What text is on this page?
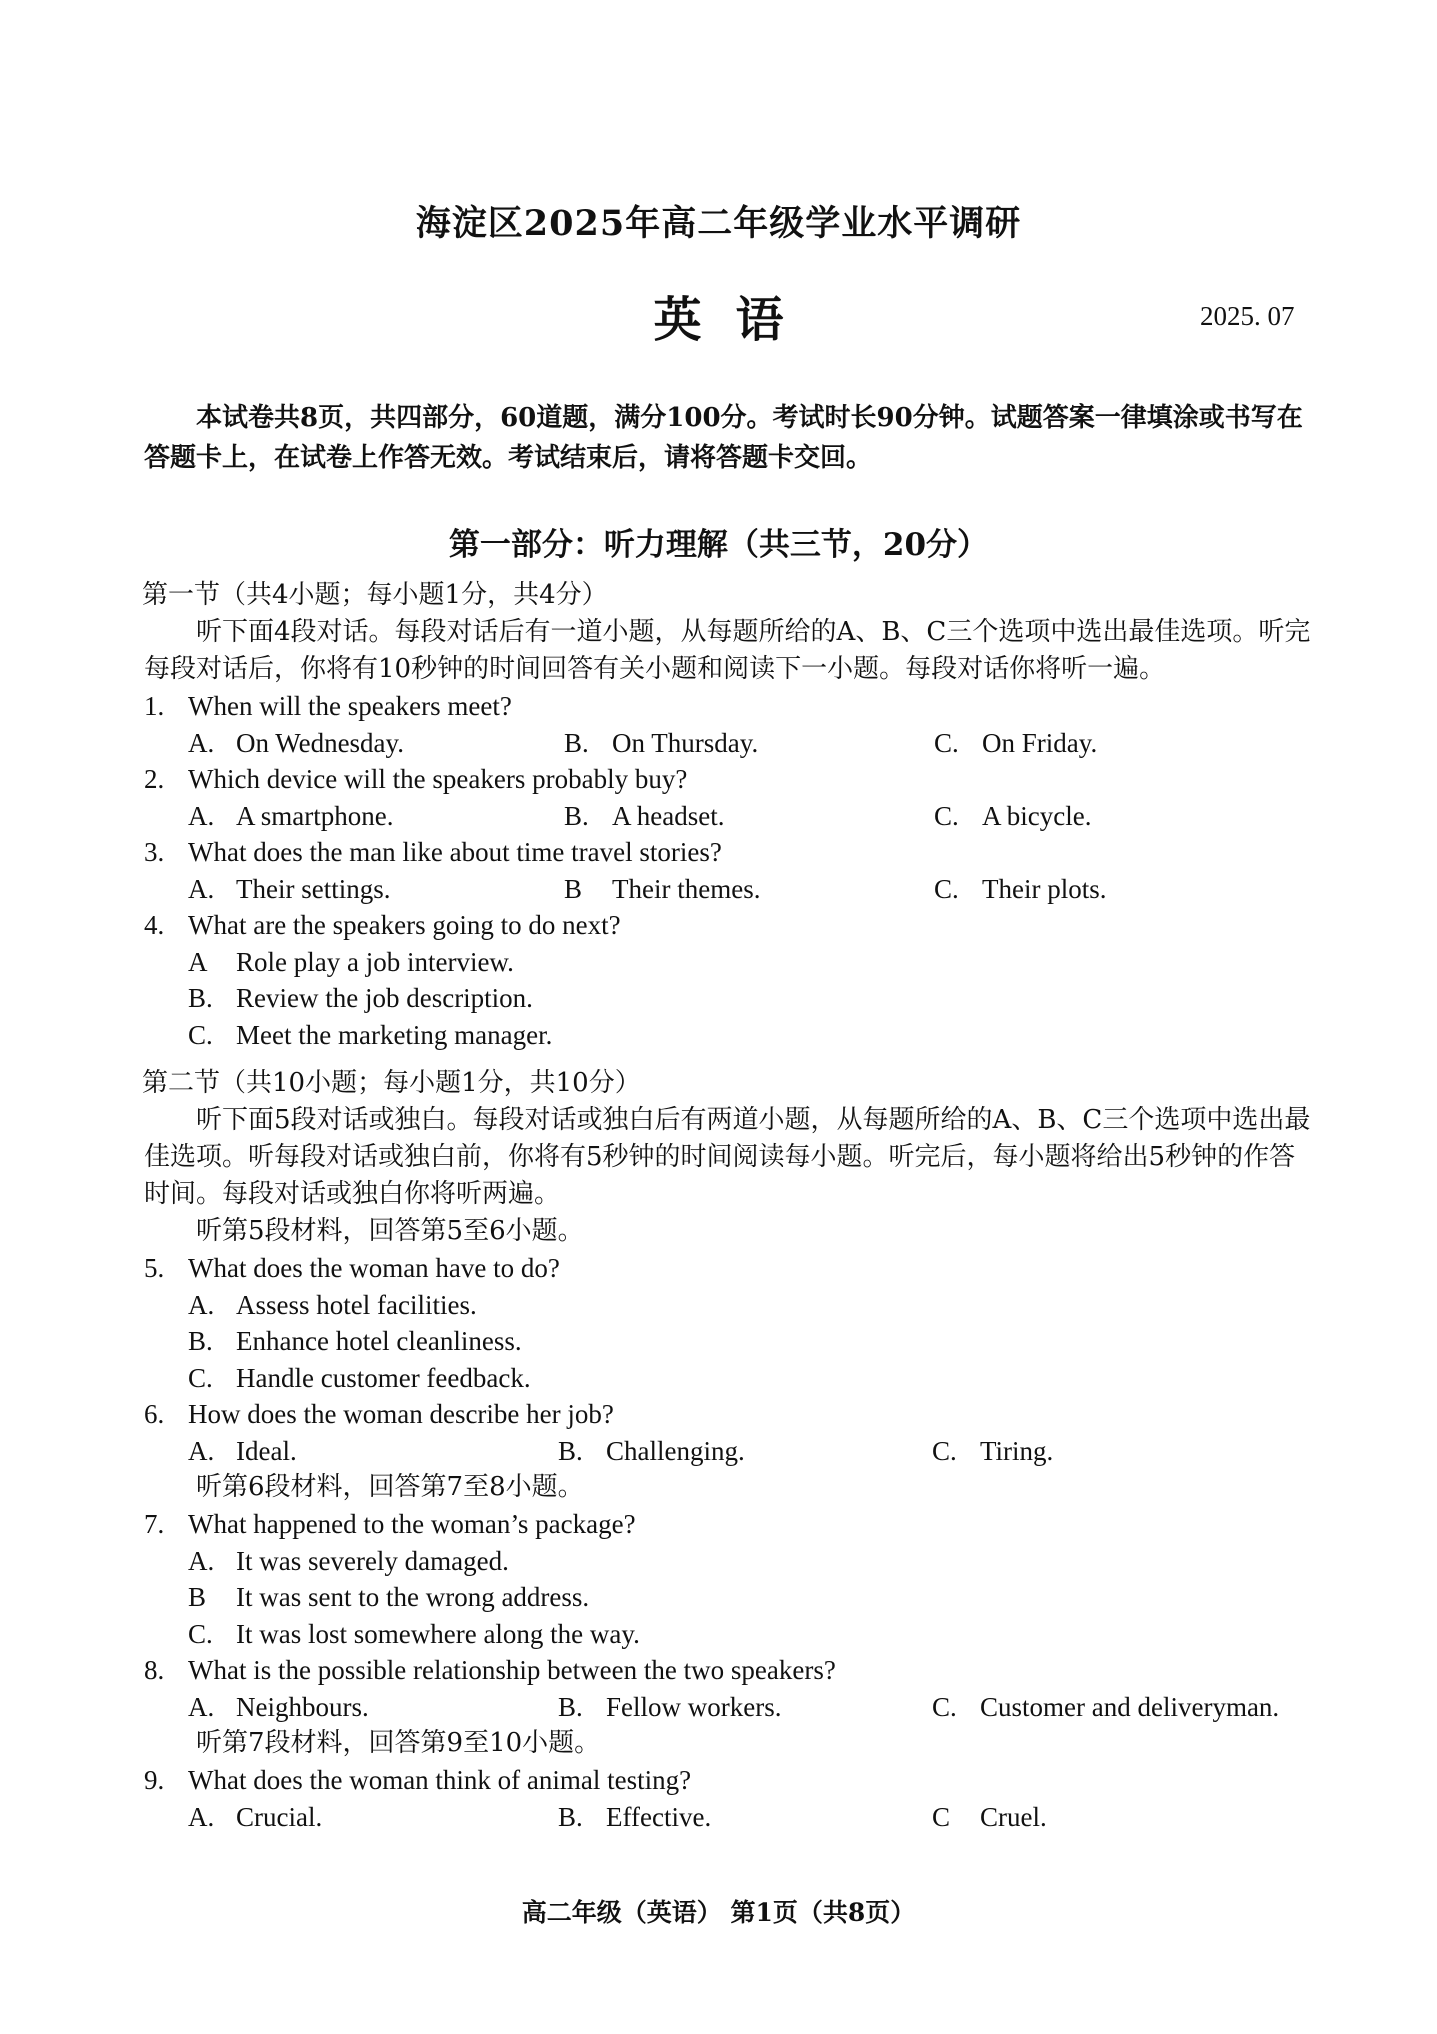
海淀区2025年高二年级学业水平调研
英语	2025. 07
本试卷共8页，共四部分，60道题，满分100分。考试时长90分钟。试题答案一律填涂或书写在答题卡上，在试卷上作答无效。考试结束后，请将答题卡交回。
第一部分：听力理解（共三节，20分）
第一节（共4小题；每小题1分，共4分）
听下面4段对话。每段对话后有一道小题，从每题所给的A、B、C三个选项中选出最佳选项。听完每段对话后，你将有10秒钟的时间回答有关小题和阅读下一小题。每段对话你将听一遍。
1. When will the speakers meet?
A. On Wednesday.	B. On Thursday.	C. On Friday.
2. Which device will the speakers probably buy?
A. A smartphone.	B. A headset.	C. A bicycle.
3. What does the man like about time travel stories?
A. Their settings.	B Their themes.	C. Their plots.
4. What are the speakers going to do next?
A Role play a job interview.
B. Review the job description.
C. Meet the marketing manager.
第二节（共10小题；每小题1分，共10分）
听下面5段对话或独白。每段对话或独白后有两道小题，从每题所给的A、B、C三个选项中选出最佳选项。听每段对话或独白前，你将有5秒钟的时间阅读每小题。听完后，每小题将给出5秒钟的作答时间。每段对话或独白你将听两遍。
听第5段材料，回答第5至6小题。
5. What does the woman have to do?
A. Assess hotel facilities.
B. Enhance hotel cleanliness.
C. Handle customer feedback.
6. How does the woman describe her job?
A. Ideal.	B. Challenging.	C. Tiring.
听第6段材料，回答第7至8小题。
7. What happened to the woman’s package?
A. It was severely damaged.
B It was sent to the wrong address.
C. It was lost somewhere along the way.
8. What is the possible relationship between the two speakers?
A. Neighbours.	B. Fellow workers.	C. Customer and deliveryman.
听第7段材料，回答第9至10小题。
9. What does the woman think of animal testing?
A. Crucial.	B. Effective.	C Cruel.
高二年级（英语） 第1页（共8页）
